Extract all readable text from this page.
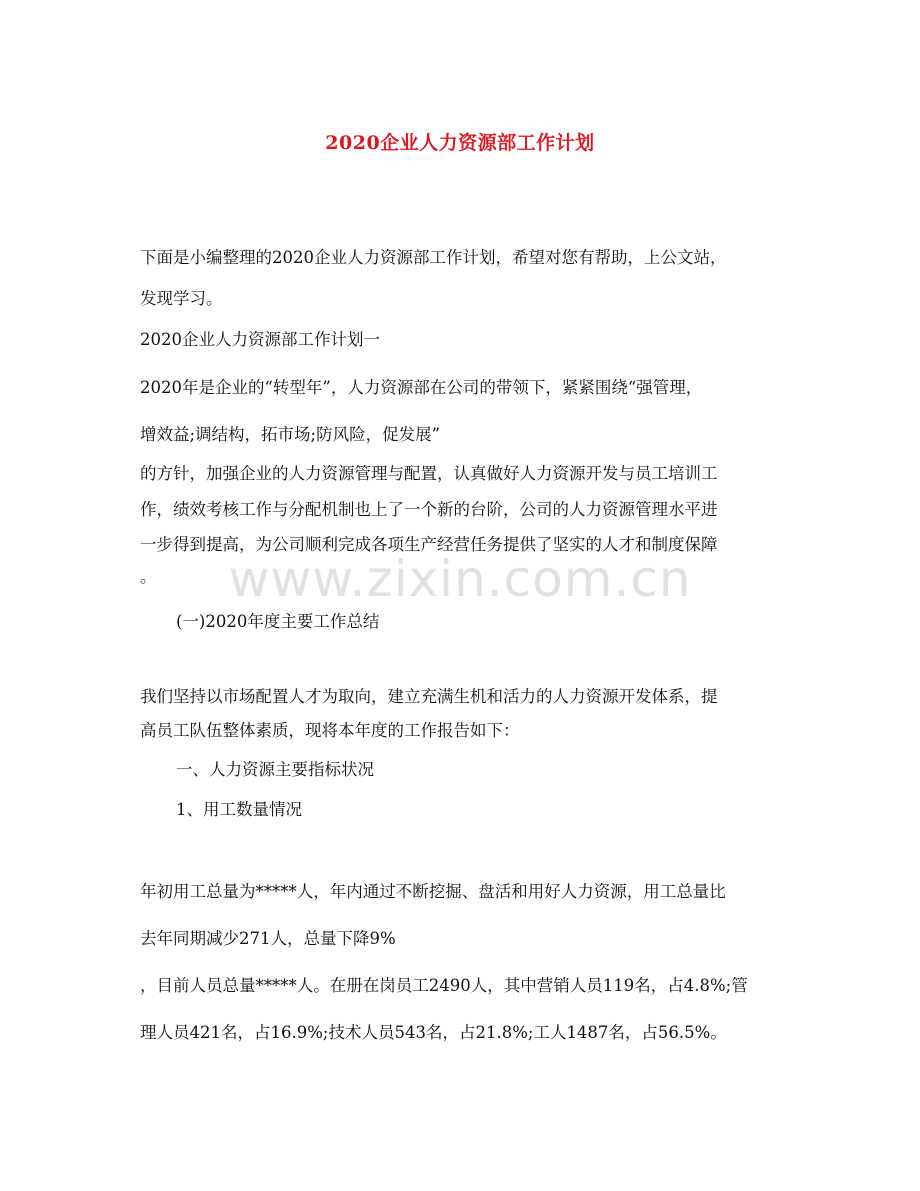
2020企业人力资源部工作计划
下面是小编整理的2020企业人力资源部工作计划，希望对您有帮助，上公文站，
发现学习。
2020企业人力资源部工作计划一
2020年是企业的“转型年”，人力资源部在公司的带领下，紧紧围绕“强管理，
增效益;调结构，拓市场;防风险，促发展”
的方针，加强企业的人力资源管理与配置，认真做好人力资源开发与员工培训工
作，绩效考核工作与分配机制也上了一个新的台阶，公司的人力资源管理水平进
一步得到提高，为公司顺利完成各项生产经营任务提供了坚实的人才和制度保障
。
(一)2020年度主要工作总结
我们坚持以市场配置人才为取向，建立充满生机和活力的人力资源开发体系，提
高员工队伍整体素质，现将本年度的工作报告如下：
一、人力资源主要指标状况
1、用工数量情况
年初用工总量为*****人，年内通过不断挖掘、盘活和用好人力资源，用工总量比
去年同期减少271人，总量下降9%
，目前人员总量*****人。在册在岗员工2490人，其中营销人员119名，占4.8%;管
理人员421名，占16.9%;技术人员543名，占21.8%;工人1487名，占56.5%。
www.zixin.com.cn
